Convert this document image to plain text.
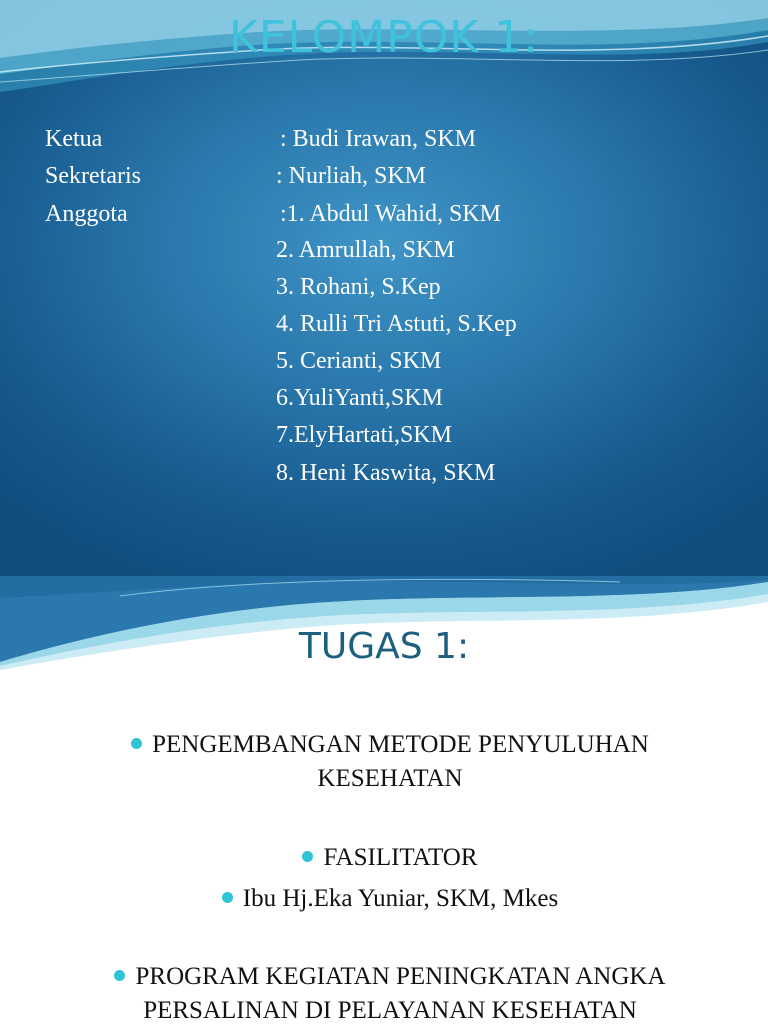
KELOMPOK 1:
Ketua	: Budi Irawan, SKM
Sekretaris	: Nurliah, SKM
Anggota	:1. Abdul Wahid, SKM
2. Amrullah, SKM
3. Rohani, S.Kep
4. Rulli Tri Astuti, S.Kep
5. Cerianti, SKM
6.YuliYanti,SKM
7.ElyHartati,SKM
8. Heni Kaswita, SKM
TUGAS 1:
PENGEMBANGAN METODE PENYULUHAN
KESEHATAN
FASILITATOR
Ibu Hj.Eka Yuniar, SKM, Mkes
PROGRAM KEGIATAN PENINGKATAN ANGKA
PERSALINAN DI PELAYANAN KESEHATAN
